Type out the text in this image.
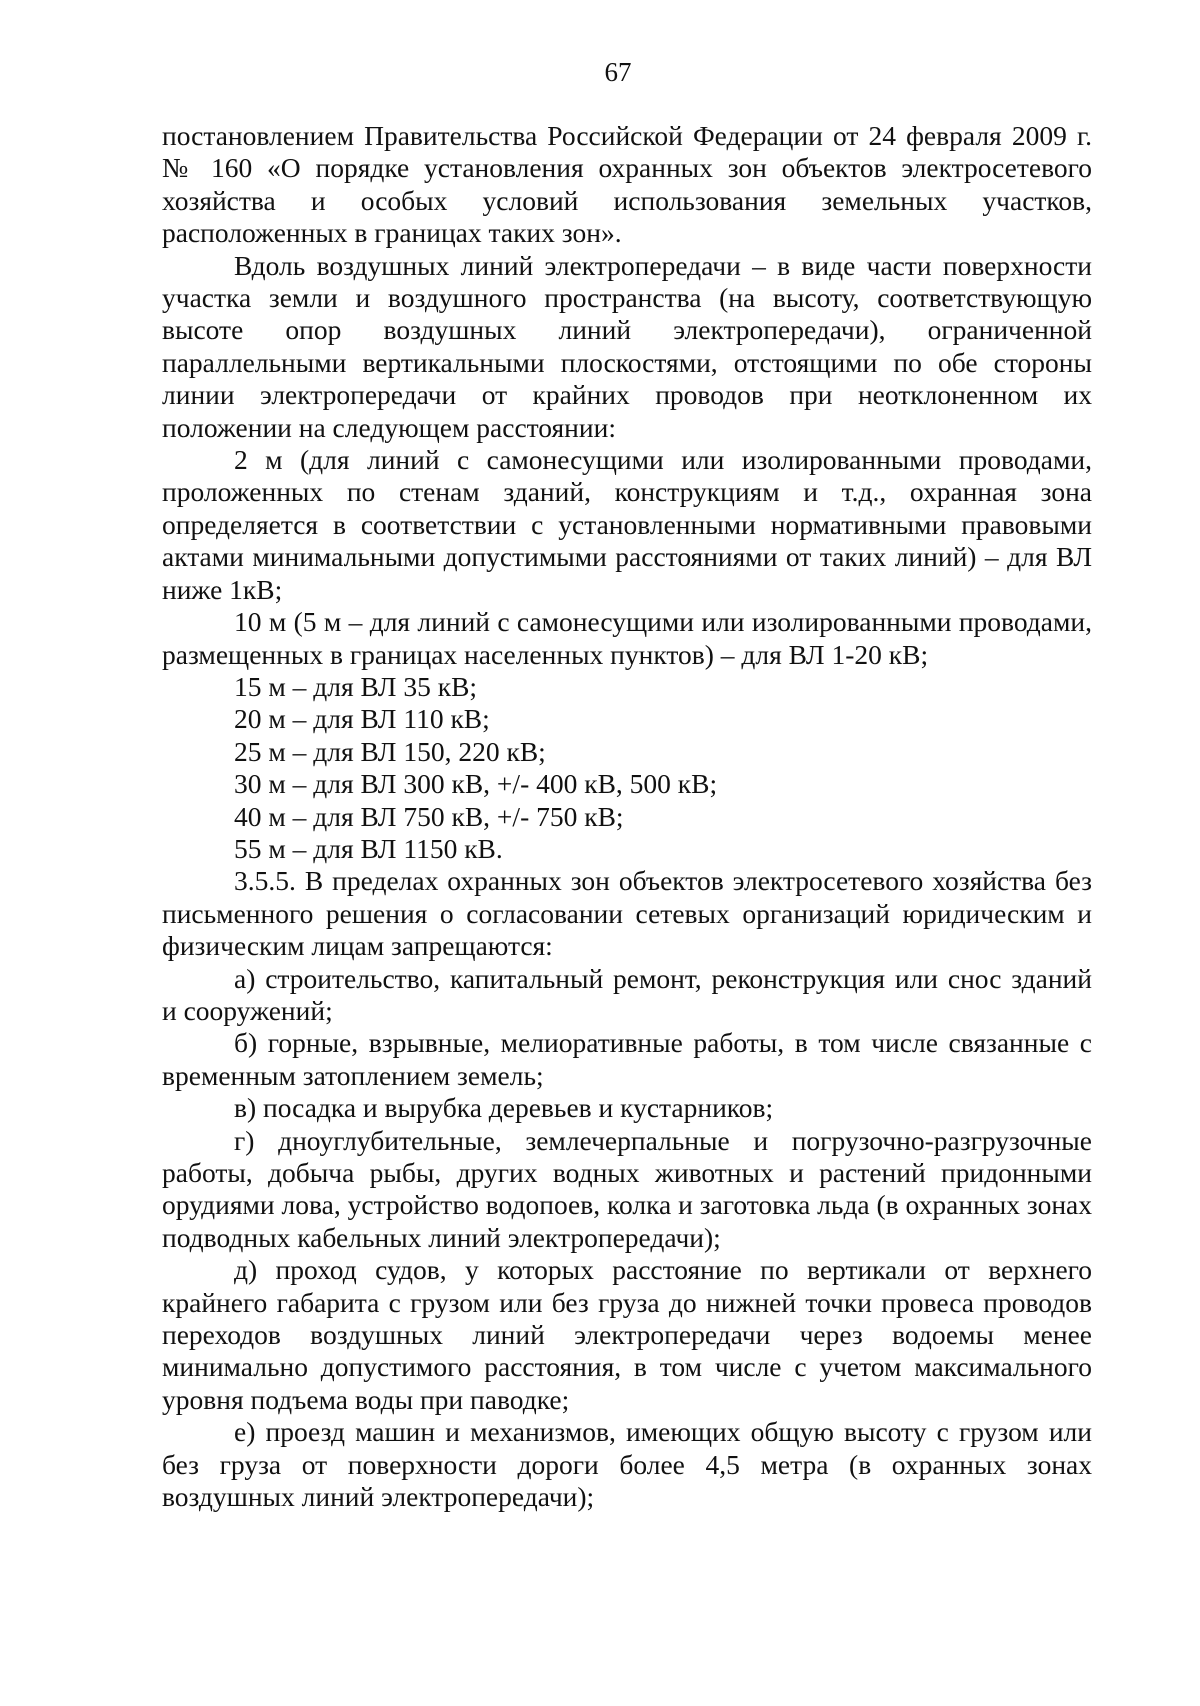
67

постановлением Правительства Российской Федерации от 24 февраля 2009 г. № 160 «О порядке установления охранных зон объектов электросетевого хозяйства и особых условий использования земельных участков, расположенных в границах таких зон».

Вдоль воздушных линий электропередачи – в виде части поверхности участка земли и воздушного пространства (на высоту, соответствующую высоте опор воздушных линий электропередачи), ограниченной параллельными вертикальными плоскостями, отстоящими по обе стороны линии электропередачи от крайних проводов при неотклоненном их положении на следующем расстоянии:

2 м (для линий с самонесущими или изолированными проводами, проложенных по стенам зданий, конструкциям и т.д., охранная зона определяется в соответствии с установленными нормативными правовыми актами минимальными допустимыми расстояниями от таких линий) – для ВЛ ниже 1кВ;

10 м (5 м – для линий с самонесущими или изолированными проводами, размещенных в границах населенных пунктов) – для ВЛ 1-20 кВ;

15 м – для ВЛ 35 кВ;

20 м – для ВЛ 110 кВ;

25 м – для ВЛ 150, 220 кВ;

30 м – для ВЛ 300 кВ, +/- 400 кВ, 500 кВ;

40 м – для ВЛ 750 кВ, +/- 750 кВ;

55 м – для ВЛ 1150 кВ.

3.5.5. В пределах охранных зон объектов электросетевого хозяйства без письменного решения о согласовании сетевых организаций юридическим и физическим лицам запрещаются:

а) строительство, капитальный ремонт, реконструкция или снос зданий и сооружений;

б) горные, взрывные, мелиоративные работы, в том числе связанные с временным затоплением земель;

в) посадка и вырубка деревьев и кустарников;

г) дноуглубительные, землечерпальные и погрузочно-разгрузочные работы, добыча рыбы, других водных животных и растений придонными орудиями лова, устройство водопоев, колка и заготовка льда (в охранных зонах подводных кабельных линий электропередачи);

д) проход судов, у которых расстояние по вертикали от верхнего крайнего габарита с грузом или без груза до нижней точки провеса проводов переходов воздушных линий электропередачи через водоемы менее минимально допустимого расстояния, в том числе с учетом максимального уровня подъема воды при паводке;

е) проезд машин и механизмов, имеющих общую высоту с грузом или без груза от поверхности дороги более 4,5 метра (в охранных зонах воздушных линий электропередачи);
